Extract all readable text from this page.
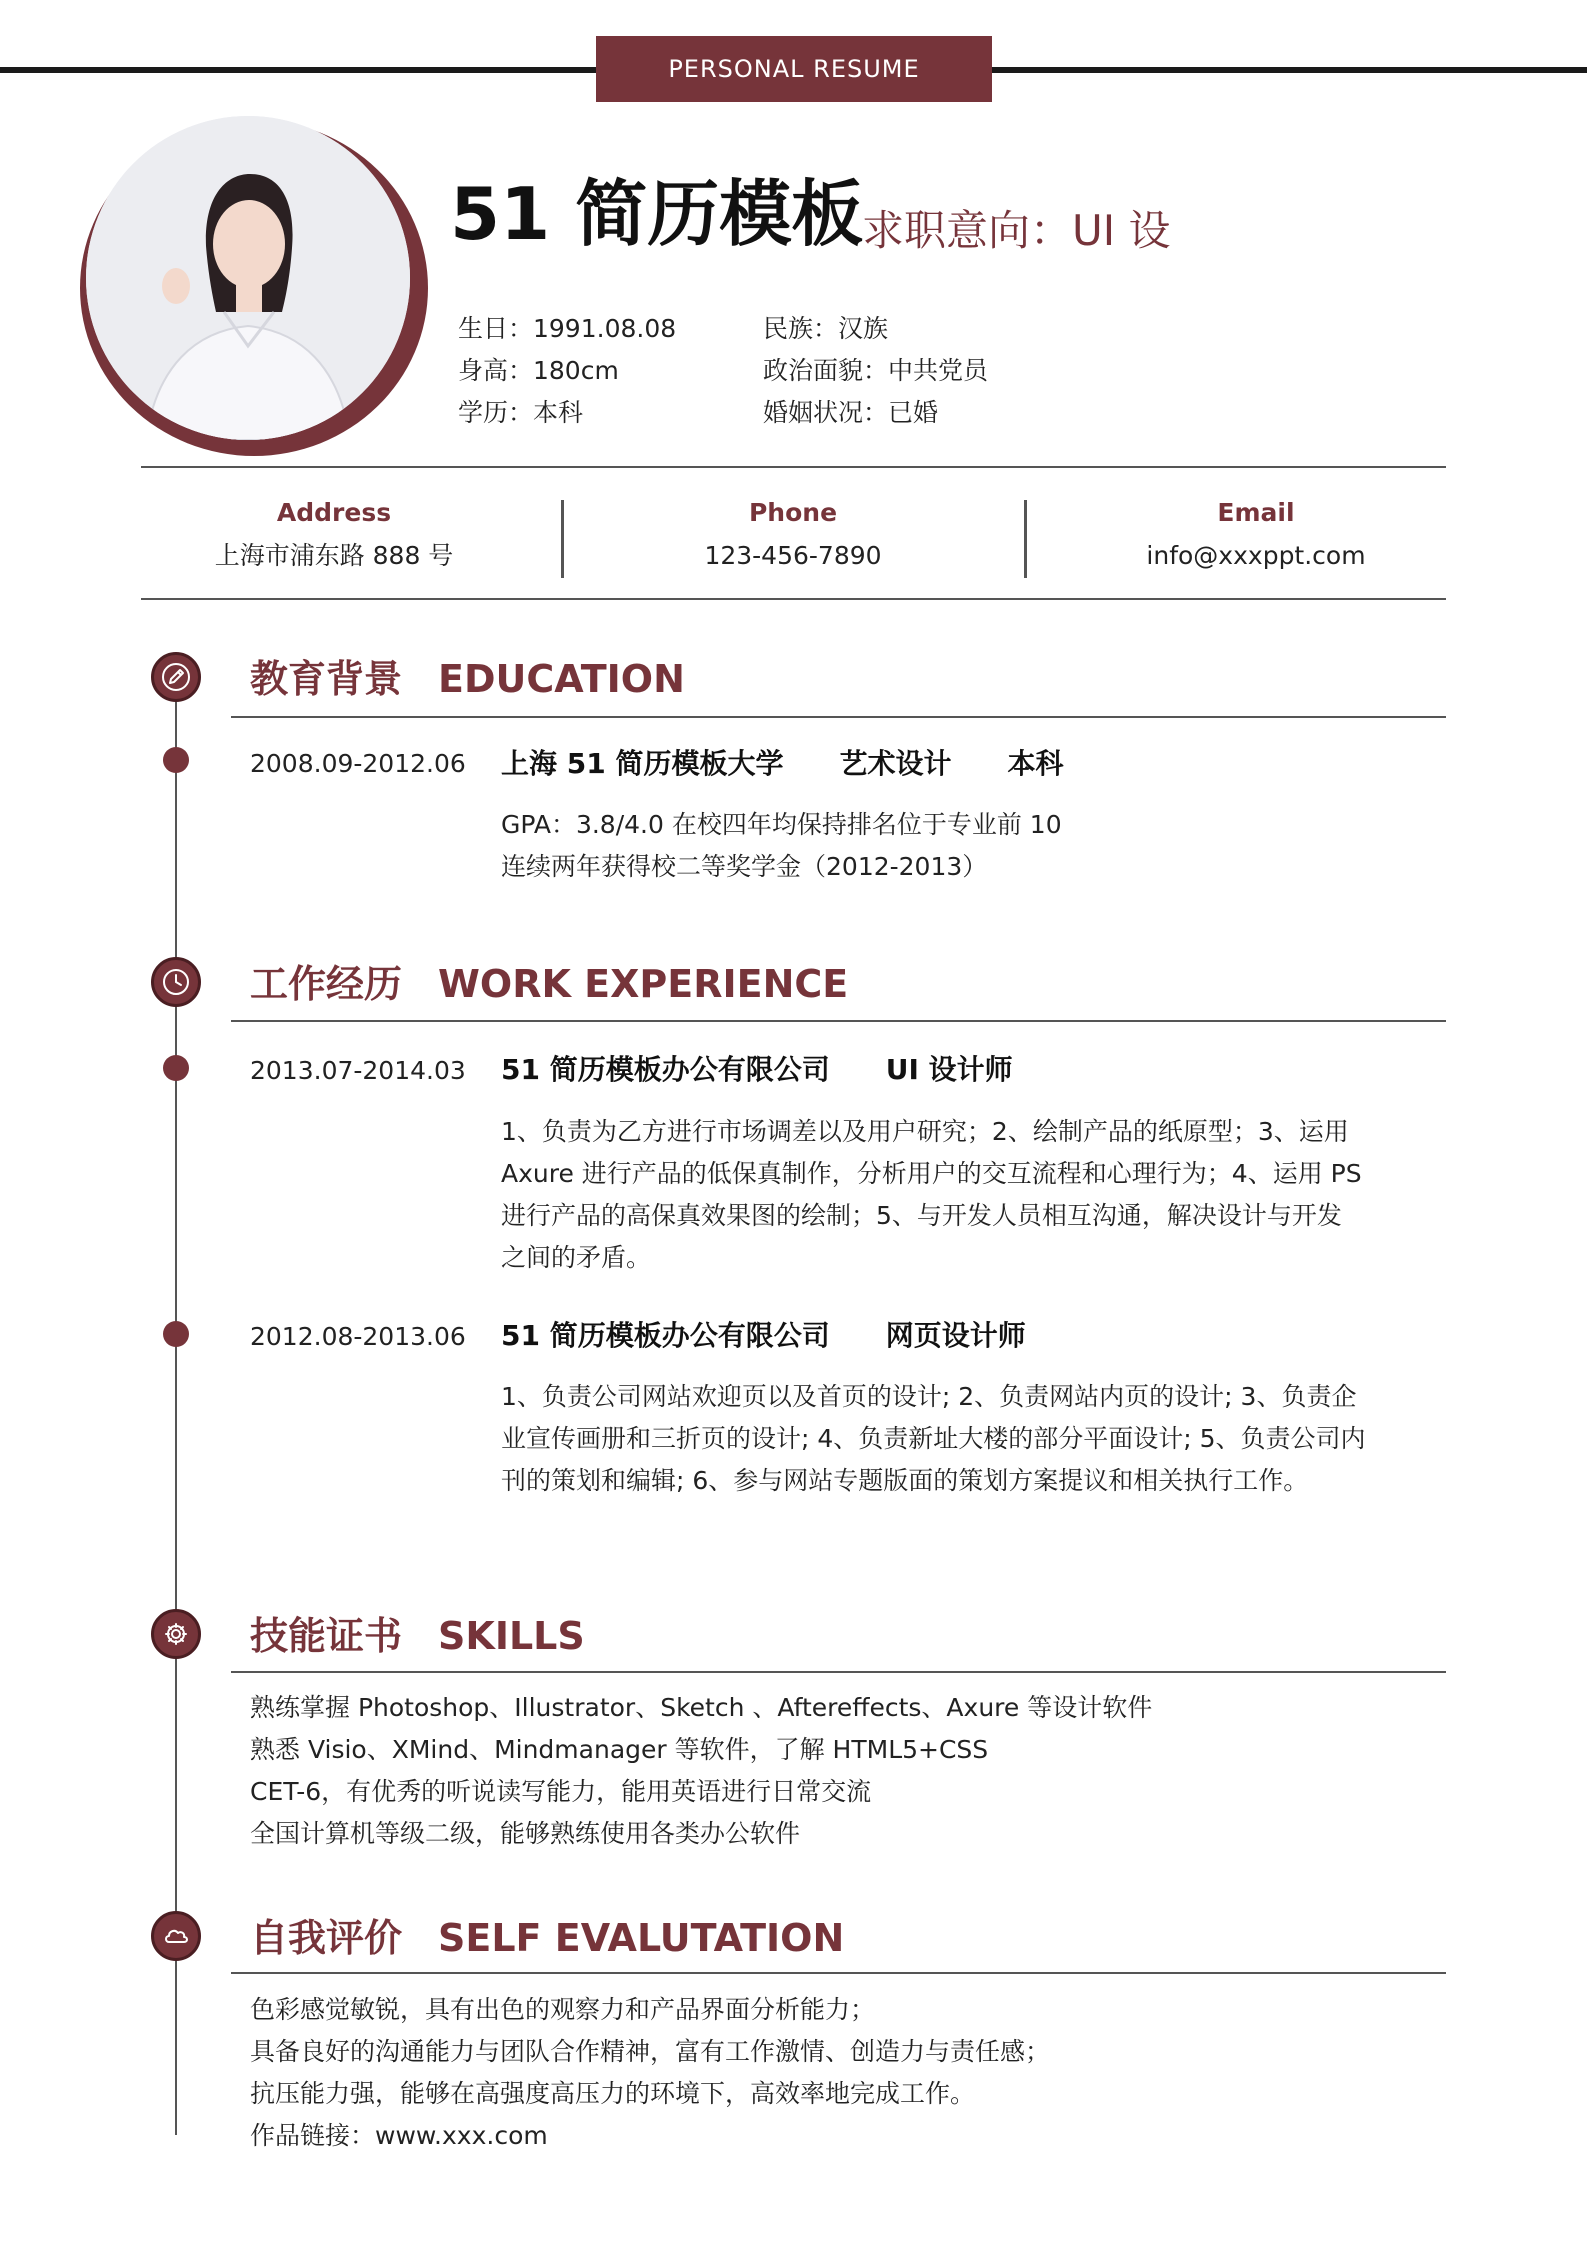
PERSONAL RESUME
51 简历模板
求职意向：UI 设
生日：1991.08.08
身高：180cm
学历：本科
民族：汉族
政治面貌：中共党员
婚姻状况：已婚
Address
上海市浦东路 888 号
Phone
123-456-7890
Email
info@xxxppt.com
教育背景 EDUCATION
2008.09-2012.06 上海 51 简历模板大学 艺术设计 本科
GPA：3.8/4.0 在校四年均保持排名位于专业前 10
连续两年获得校二等奖学金（2012-2013）
工作经历 WORK EXPERIENCE
2013.07-2014.03 51 简历模板办公有限公司 UI 设计师
1、负责为乙方进行市场调差以及用户研究；2、绘制产品的纸原型；3、运用
Axure 进行产品的低保真制作，分析用户的交互流程和心理行为；4、运用 PS
进行产品的高保真效果图的绘制；5、与开发人员相互沟通，解决设计与开发
之间的矛盾。
2012.08-2013.06 51 简历模板办公有限公司 网页设计师
1、负责公司网站欢迎页以及首页的设计; 2、负责网站内页的设计; 3、负责企
业宣传画册和三折页的设计; 4、负责新址大楼的部分平面设计; 5、负责公司内
刊的策划和编辑; 6、参与网站专题版面的策划方案提议和相关执行工作。
技能证书 SKILLS
熟练掌握 Photoshop、Illustrator、Sketch 、Aftereffects、Axure 等设计软件
熟悉 Visio、XMind、Mindmanager 等软件，了解 HTML5+CSS
CET-6，有优秀的听说读写能力，能用英语进行日常交流
全国计算机等级二级，能够熟练使用各类办公软件
自我评价 SELF EVALUTATION
色彩感觉敏锐，具有出色的观察力和产品界面分析能力；
具备良好的沟通能力与团队合作精神，富有工作激情、创造力与责任感；
抗压能力强，能够在高强度高压力的环境下，高效率地完成工作。
作品链接：www.xxx.com
